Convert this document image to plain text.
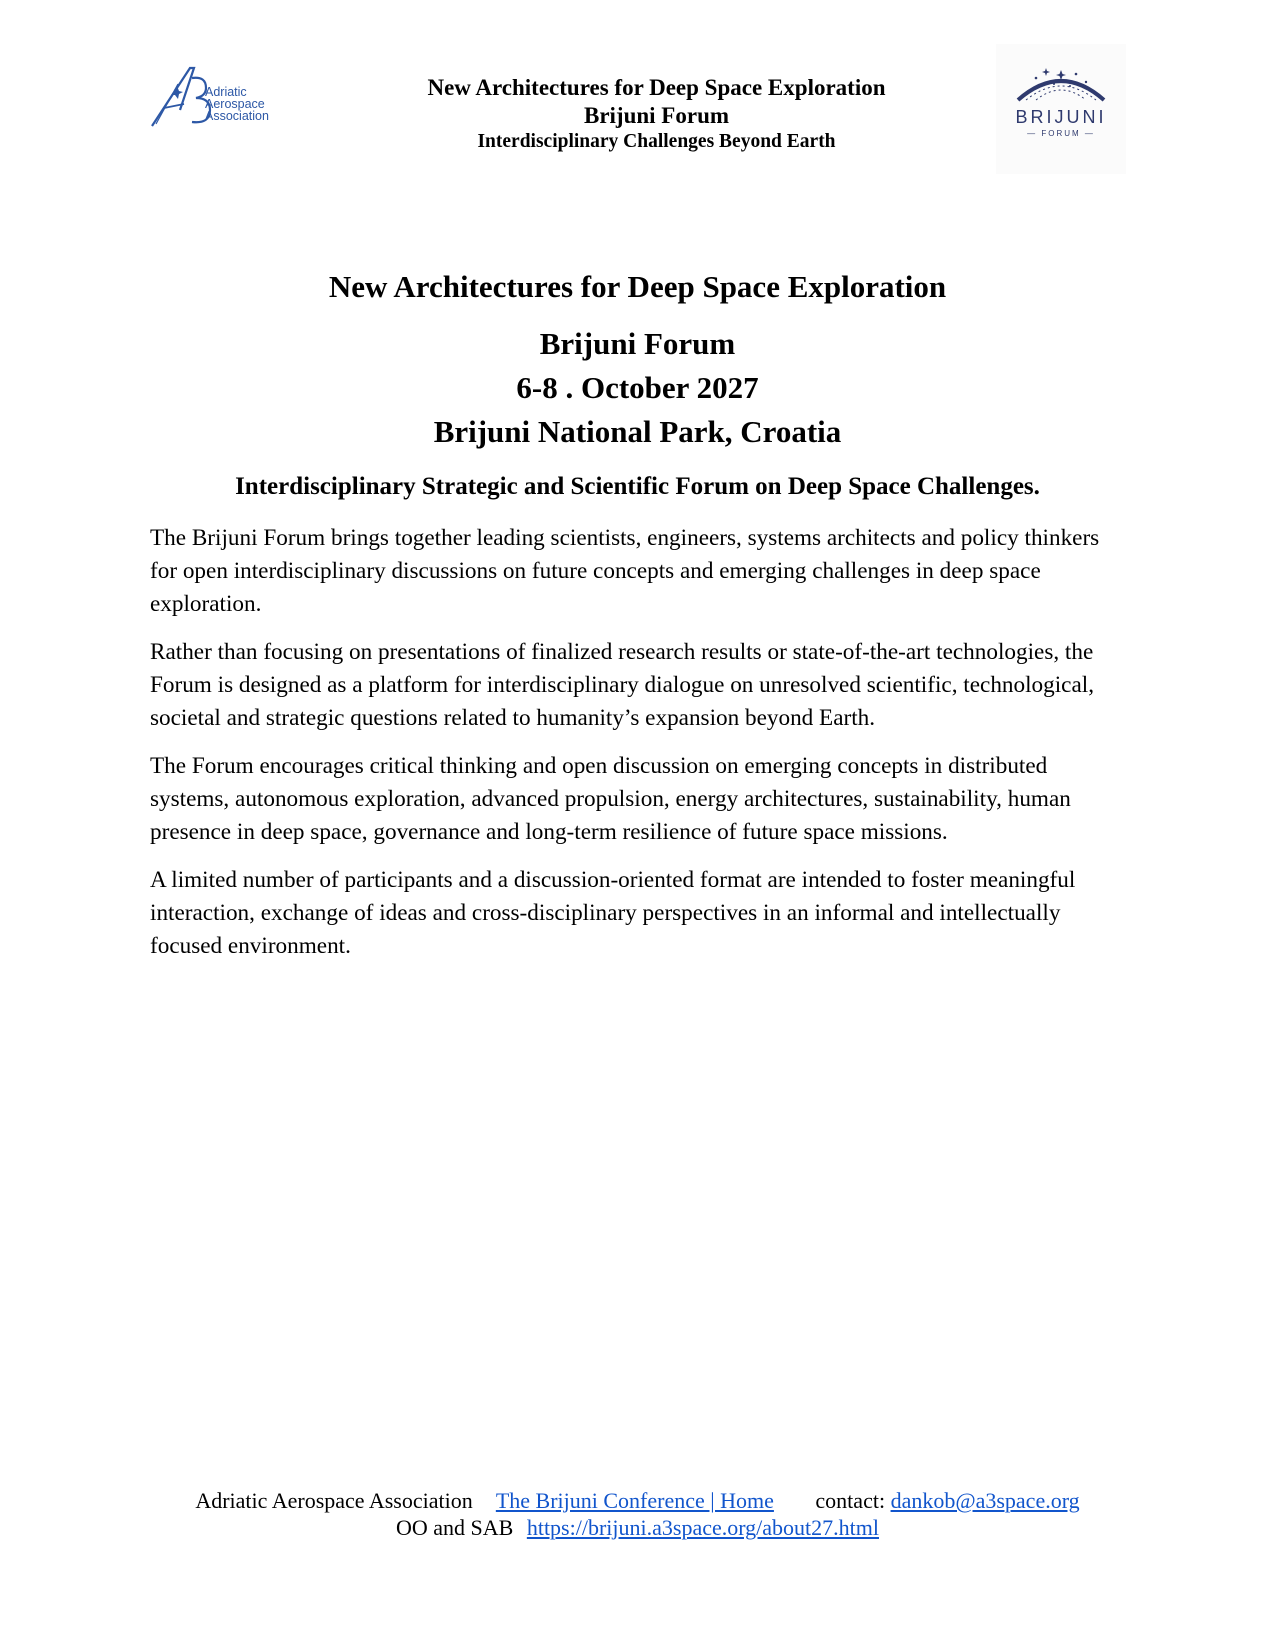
Adriatic
Aerospace
Association
New Architectures for Deep Space Exploration
Brijuni Forum
Interdisciplinary Challenges Beyond Earth
BRIJUNI
— FORUM —
New Architectures for Deep Space Exploration
Brijuni Forum
6-8 . October 2027
Brijuni National Park, Croatia
Interdisciplinary Strategic and Scientific Forum on Deep Space Challenges.

The Brijuni Forum brings together leading scientists, engineers, systems architects and policy thinkers for open interdisciplinary discussions on future concepts and emerging challenges in deep space exploration.

Rather than focusing on presentations of finalized research results or state-of-the-art technologies, the Forum is designed as a platform for interdisciplinary dialogue on unresolved scientific, technological, societal and strategic questions related to humanity’s expansion beyond Earth.

The Forum encourages critical thinking and open discussion on emerging concepts in distributed systems, autonomous exploration, advanced propulsion, energy architectures, sustainability, human presence in deep space, governance and long-term resilience of future space missions.

A limited number of participants and a discussion-oriented format are intended to foster meaningful interaction, exchange of ideas and cross-disciplinary perspectives in an informal and intellectually focused environment.

Adriatic Aerospace Association The Brijuni Conference | Home contact: dankob@a3space.org
OO and SAB https://brijuni.a3space.org/about27.html
